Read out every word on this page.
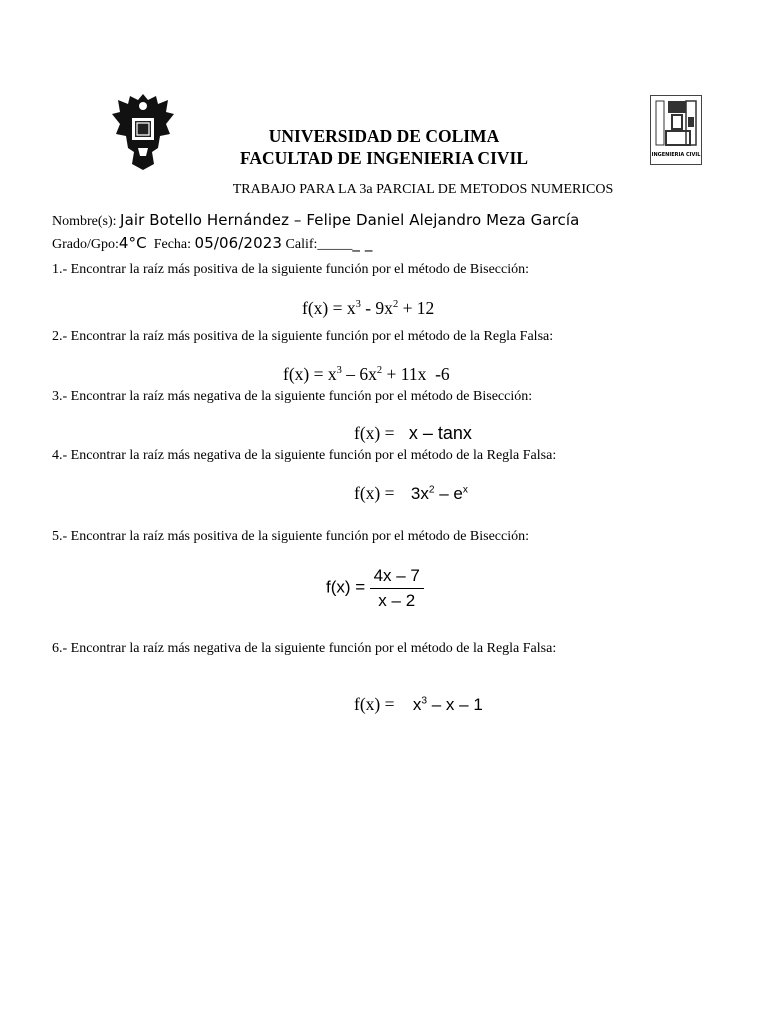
INGENIERIA CIVIL
UNIVERSIDAD DE COLIMA
FACULTAD DE INGENIERIA CIVIL
TRABAJO PARA LA 3a PARCIAL DE METODOS NUMERICOS
Nombre(s): Jair Botello Hernández – Felipe Daniel Alejandro Meza García
Grado/Gpo:4°C Fecha: 05/06/2023 Calif:______ _
1.- Encontrar la raíz más positiva de la siguiente función por el método de Bisección:
$f(x) = x^3 - 9x^2 + 12$
2.- Encontrar la raíz más positiva de la siguiente función por el método de la Regla Falsa:
$f(x) = x^3 - 6x^2 + 11x$  -6
3.- Encontrar la raíz más negativa de la siguiente función por el método de Bisección:
f(x) = x – tanx
4.- Encontrar la raíz más negativa de la siguiente función por el método de la Regla Falsa:
$f(x) = 3x^2 - e^x$
5.- Encontrar la raíz más positiva de la siguiente función por el método de Bisección:
$f(x) = \frac{4x - 7}{x - 2}$
6.- Encontrar la raíz más negativa de la siguiente función por el método de la Regla Falsa:
$f(x) = x^3 - x - 1$
